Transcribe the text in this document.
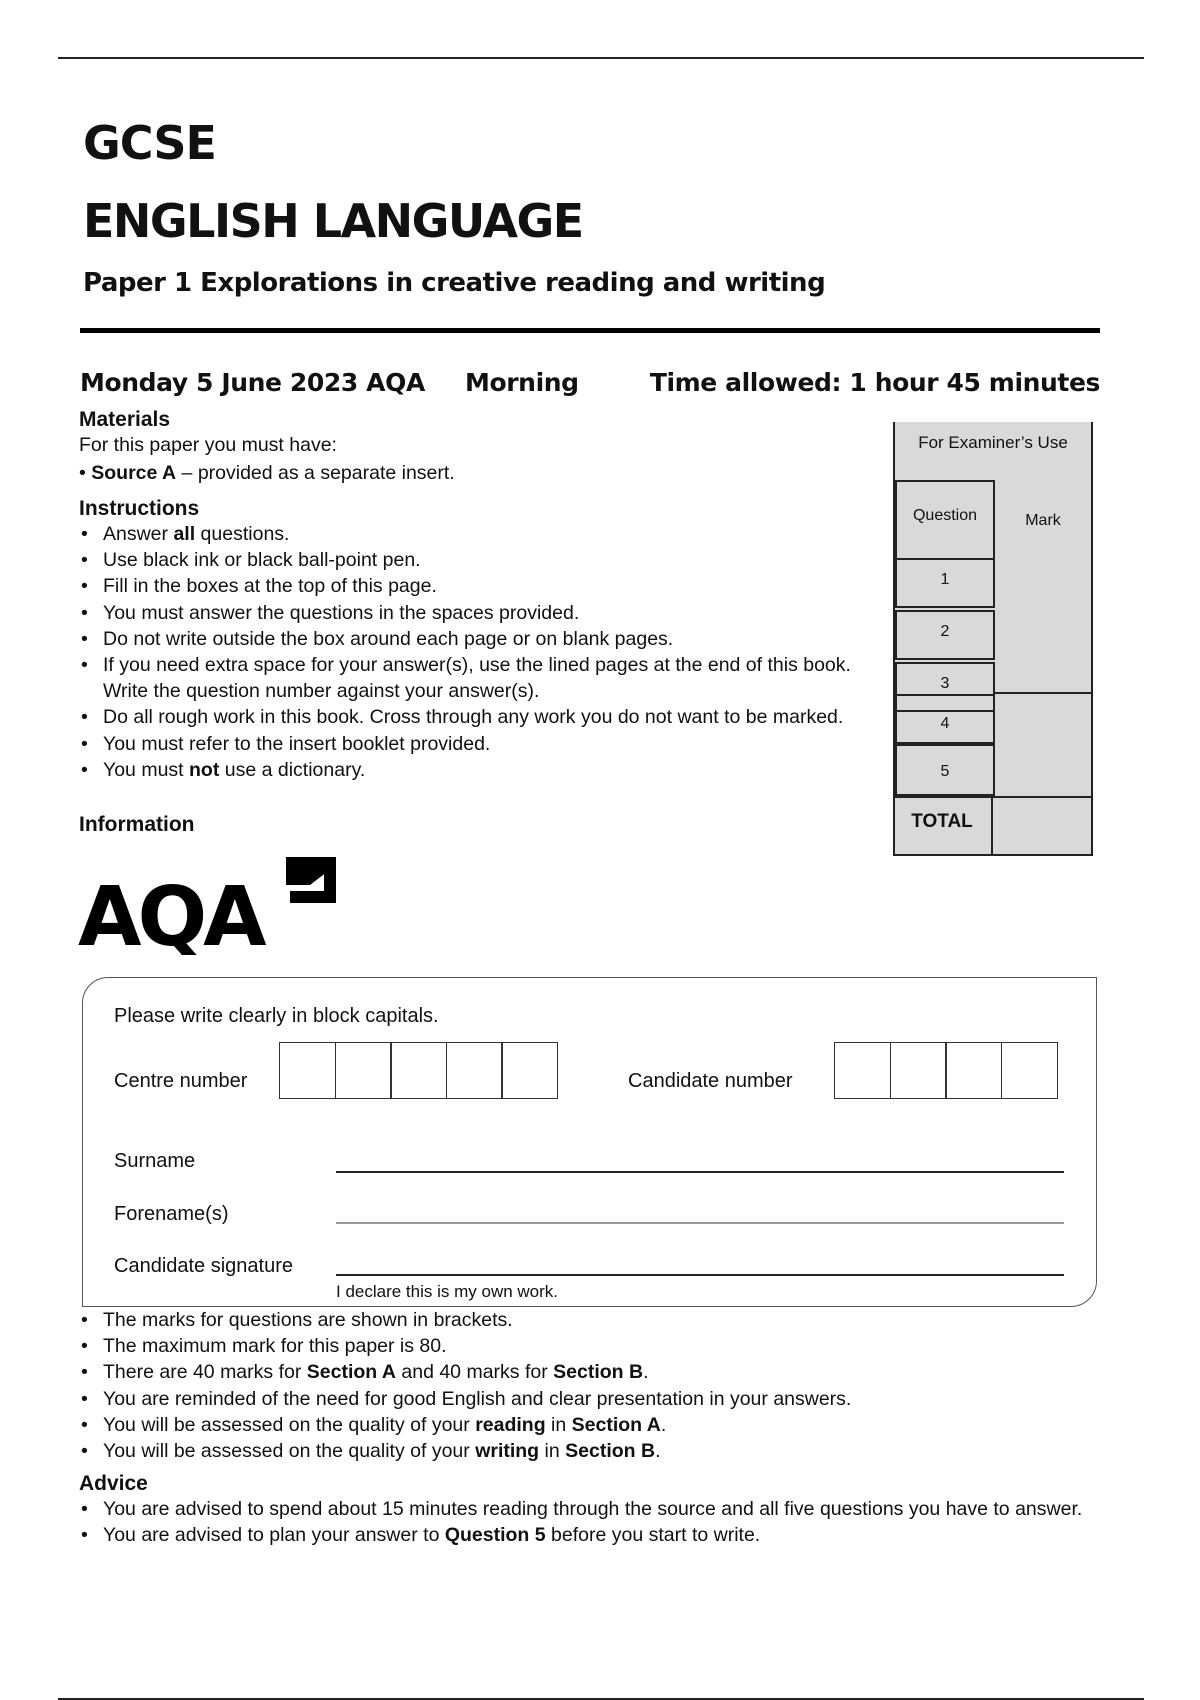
GCSE
ENGLISH LANGUAGE
Paper 1 Explorations in creative reading and writing
Monday 5 June 2023 AQA Morning	Time allowed: 1 hour 45 minutes
Materials
For this paper you must have:
• Source A – provided as a separate insert.
Instructions
• Answer all questions.
• Use black ink or black ball-point pen.
• Fill in the boxes at the top of this page.
• You must answer the questions in the spaces provided.
• Do not write outside the box around each page or on blank pages.
• If you need extra space for your answer(s), use the lined pages at the end of this book. Write the question number against your answer(s).
• Do all rough work in this book. Cross through any work you do not want to be marked.
• You must refer to the insert booklet provided.
• You must not use a dictionary.
Information
For Examiner’s Use
Question	Mark
1
2
3
4
5
TOTAL
AQA
Please write clearly in block capitals.
Centre number	Candidate number
Surname
Forename(s)
Candidate signature
I declare this is my own work.
• The marks for questions are shown in brackets.
• The maximum mark for this paper is 80.
• There are 40 marks for Section A and 40 marks for Section B.
• You are reminded of the need for good English and clear presentation in your answers.
• You will be assessed on the quality of your reading in Section A.
• You will be assessed on the quality of your writing in Section B.
Advice
• You are advised to spend about 15 minutes reading through the source and all five questions you have to answer.
• You are advised to plan your answer to Question 5 before you start to write.
